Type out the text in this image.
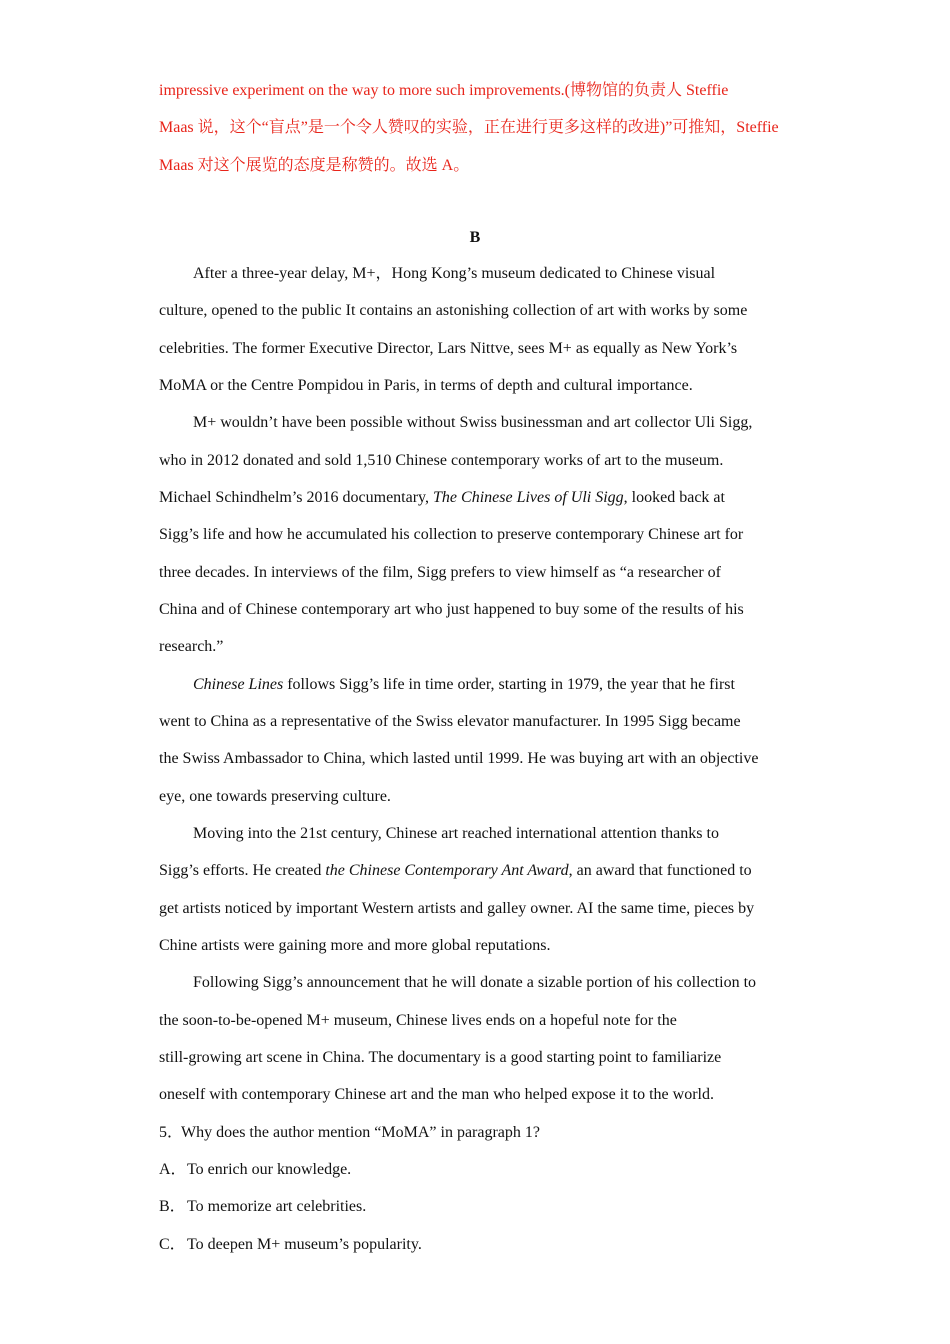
impressive experiment on the way to more such improvements.(博物馆的负责人 Steffie
Maas 说，这个“盲点”是一个令人赞叹的实验，正在进行更多这样的改进)”可推知，Steffie
Maas 对这个展览的态度是称赞的。故选 A。
B
After a three-year delay, M+，Hong Kong’s museum dedicated to Chinese visual
culture, opened to the public It contains an astonishing collection of art with works by some
celebrities. The former Executive Director, Lars Nittve, sees M+ as equally as New York’s
MoMA or the Centre Pompidou in Paris, in terms of depth and cultural importance.
M+ wouldn’t have been possible without Swiss businessman and art collector Uli Sigg,
who in 2012 donated and sold 1,510 Chinese contemporary works of art to the museum.
Michael Schindhelm’s 2016 documentary, The Chinese Lives of Uli Sigg, looked back at
Sigg’s life and how he accumulated his collection to preserve contemporary Chinese art for
three decades. In interviews of the film, Sigg prefers to view himself as “a researcher of
China and of Chinese contemporary art who just happened to buy some of the results of his
research.”
Chinese Lines follows Sigg’s life in time order, starting in 1979, the year that he first
went to China as a representative of the Swiss elevator manufacturer. In 1995 Sigg became
the Swiss Ambassador to China, which lasted until 1999. He was buying art with an objective
eye, one towards preserving culture.
Moving into the 21st century, Chinese art reached international attention thanks to
Sigg’s efforts. He created the Chinese Contemporary Ant Award, an award that functioned to
get artists noticed by important Western artists and galley owner. AI the same time, pieces by
Chine artists were gaining more and more global reputations.
Following Sigg’s announcement that he will donate a sizable portion of his collection to
the soon-to-be-opened M+ museum, Chinese lives ends on a hopeful note for the
still-growing art scene in China. The documentary is a good starting point to familiarize
oneself with contemporary Chinese art and the man who helped expose it to the world.
5．Why does the author mention “MoMA” in paragraph 1?
A．To enrich our knowledge.
B．To memorize art celebrities.
C．To deepen M+ museum’s popularity.
